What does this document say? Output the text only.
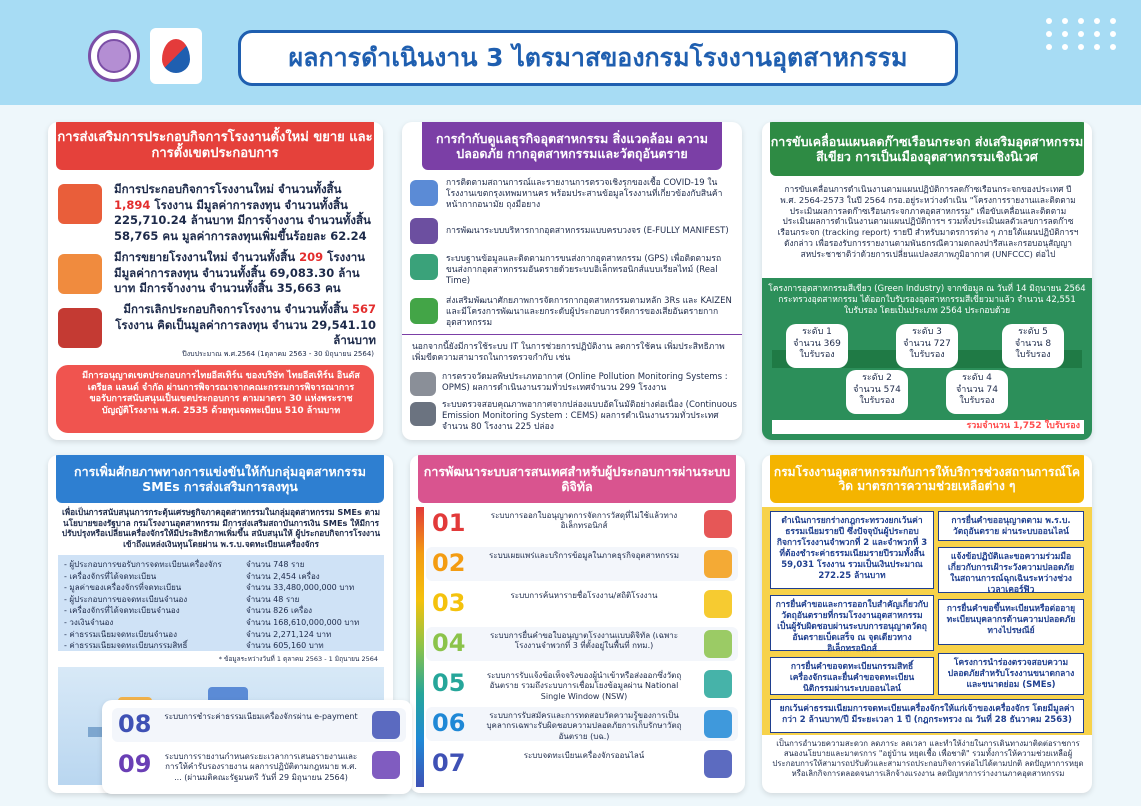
ผลการดำเนินงาน 3 ไตรมาสของกรมโรงงานอุตสาหกรรม
การส่งเสริมการประกอบกิจการโรงงานตั้งใหม่ ขยาย และการตั้งเขตประกอบการ
มีการประกอบกิจการโรงงานใหม่ จำนวนทั้งสิ้น 1,894 โรงงาน มีมูลค่าการลงทุน จำนวนทั้งสิ้น 225,710.24 ล้านบาท มีการจ้างงาน จำนวนทั้งสิ้น 58,765 คน มูลค่าการลงทุนเพิ่มขึ้นร้อยละ 62.24
มีการขยายโรงงานใหม่ จำนวนทั้งสิ้น 209 โรงงาน มีมูลค่าการลงทุน จำนวนทั้งสิ้น 69,083.30 ล้านบาท มีการจ้างงาน จำนวนทั้งสิ้น 35,663 คน
มีการเลิกประกอบกิจการโรงงาน จำนวนทั้งสิ้น 567 โรงงาน คิดเป็นมูลค่าการลงทุน จำนวน 29,541.10 ล้านบาท
ปีงบประมาณ พ.ศ.2564 (1ตุลาคม 2563 - 30 มิถุนายน 2564)
มีการอนุญาตเขตประกอบการไทยอีสเทิร์น ของบริษัท ไทยอีสเทิร์น อินดัสเตรียล แลนด์ จำกัด ผ่านการพิจารณาจากคณะกรรมการพิจารณาการขอรับการสนับสนุนเป็นเขตประกอบการ ตามมาตรา 30 แห่งพระราชบัญญัติโรงงาน พ.ศ. 2535 ด้วยทุนจดทะเบียน 510 ล้านบาท
การกำกับดูแลธุรกิจอุตสาหกรรม สิ่งแวดล้อม ความปลอดภัย กากอุตสาหกรรมและวัตถุอันตราย
การติดตามสถานการณ์และรายงานการตรวจเชิงรุกของเชื้อ COVID-19 ในโรงงานเขตกรุงเทพมหานคร พร้อมประสานข้อมูลโรงงานที่เกี่ยวข้องกับสินค้าหน้ากากอนามัย ถุงมือยาง
การพัฒนาระบบบริหารกากอุตสาหกรรมแบบครบวงจร (E-FULLY MANIFEST)
ระบบฐานข้อมูลและติดตามการขนส่งกากอุตสาหกรรม (GPS) เพื่อติดตามรถขนส่งกากอุตสาหกรรมอันตรายด้วยระบบอิเล็กทรอนิกส์แบบเรียลไทม์ (Real Time)
ส่งเสริมพัฒนาศักยภาพการจัดการกากอุตสาหกรรมตามหลัก 3Rs และ KAIZEN และมีโครงการพัฒนาและยกระดับผู้ประกอบการจัดการของเสียอันตรายกากอุตสาหกรรม
นอกจากนี้ยังมีการใช้ระบบ IT ในการช่วยการปฏิบัติงาน ลดการใช้คน เพิ่มประสิทธิภาพ เพิ่มขีดความสามารถในการตรวจกำกับ เช่น
การตรวจวัดมลพิษประเภทอากาศ (Online Pollution Monitoring Systems : OPMS) ผลการดำเนินงานรวมทั่วประเทศจำนวน 299 โรงงาน
ระบบตรวจสอบคุณภาพอากาศจากปล่องแบบอัตโนมัติอย่างต่อเนื่อง (Continuous Emission Monitoring System : CEMS) ผลการดำเนินงานรวมทั่วประเทศ จำนวน 80 โรงงาน 225 ปล่อง
การขับเคลื่อนแผนลดก๊าซเรือนกระจก ส่งเสริมอุตสาหกรรมสีเขียว การเป็นเมืองอุตสาหกรรมเชิงนิเวศ
การขับเคลื่อนการดำเนินงานตามแผนปฏิบัติการลดก๊าซเรือนกระจกของประเทศ ปี พ.ศ. 2564-2573 ในปี 2564 กรอ.อยู่ระหว่างดำเนิน "โครงการรายงานและติดตามประเมินผลการลดก๊าซเรือนกระจกภาคอุตสาหกรรม" เพื่อขับเคลื่อนและติดตามประเมินผลการดำเนินงานตามแผนปฏิบัติการฯ รวมทั้งประเมินผลตัวเลขการลดก๊าซเรือนกระจก (tracking report) รายปี สำหรับมาตรการต่าง ๆ ภายใต้แผนปฏิบัติการฯ ดังกล่าว เพื่อรองรับการรายงานตามพันธกรณีความตกลงปารีสและกรอบอนุสัญญาสหประชาชาติว่าด้วยการเปลี่ยนแปลงสภาพภูมิอากาศ (UNFCCC) ต่อไป
โครงการอุตสาหกรรมสีเขียว (Green Industry) จากข้อมูล ณ วันที่ 14 มิถุนายน 2564 กระทรวงอุตสาหกรรม ได้ออกใบรับรองอุตสาหกรรมสีเขียวมาแล้ว จำนวน 42,551 ใบรับรอง โดยเป็นประเภท 2564 ประกอบด้วย
ระดับ 1
จำนวน 369
ใบรับรอง
ระดับ 2
จำนวน 574
ใบรับรอง
ระดับ 3
จำนวน 727
ใบรับรอง
ระดับ 4
จำนวน 74
ใบรับรอง
ระดับ 5
จำนวน 8
ใบรับรอง
รวมจำนวน 1,752 ใบรับรอง
การเพิ่มศักยภาพทางการแข่งขันให้กับกลุ่มอุตสาหกรรม SMEs การส่งเสริมการลงทุน
เพื่อเป็นการสนับสนุนการกระตุ้นเศรษฐกิจภาคอุตสาหกรรมในกลุ่มอุตสาหกรรม SMEs ตามนโยบายของรัฐบาล กรมโรงงานอุตสาหกรรม มีการส่งเสริมสถาบันการเงิน SMEs ให้มีการปรับปรุงหรือเปลี่ยนเครื่องจักรให้มีประสิทธิภาพเพิ่มขึ้น สนับสนุนให้ ผู้ประกอบกิจการโรงงานเข้าถึงแหล่งเงินทุนโดยผ่าน พ.ร.บ.จดทะเบียนเครื่องจักร
* ข้อมูลระหว่างวันที่ 1 ตุลาคม 2563 - 1 มิถุนายน 2564
การพัฒนาระบบสารสนเทศสำหรับผู้ประกอบการผ่านระบบดิจิทัล
กรมโรงงานอุตสาหกรรมกับการให้บริการช่วงสถานการณ์โควิด มาตรการความช่วยเหลือต่าง ๆ
ดำเนินการยกร่างกฎกระทรวงยกเว้นค่าธรรมเนียมรายปี ซึ่งปัจจุบันผู้ประกอบกิจการโรงงานจำพวกที่ 2 และจำพวกที่ 3 ที่ต้องชำระค่าธรรมเนียมรายปีรวมทั้งสิ้น 59,031 โรงงาน รวมเป็นเงินประมาณ 272.25 ล้านบาท
การยื่นคำขออนุญาตตาม พ.ร.บ. วัตถุอันตราย ผ่านระบบออนไลน์
แจ้งข้อปฏิบัติและขอความร่วมมือเกี่ยวกับการเฝ้าระวังความปลอดภัยในสถานการณ์ฉุกเฉินระหว่างช่วงเวลาเคอร์ฟิว
การยื่นคำขอและการออกใบสำคัญเกี่ยวกับวัตถุอันตรายที่กรมโรงงานอุตสาหกรรมเป็นผู้รับผิดชอบผ่านระบบการอนุญาตวัตถุอันตรายเบ็ดเสร็จ ณ จุดเดียวทางอิเล็กทรอนิกส์
การยื่นคำขอขึ้นทะเบียนหรือต่ออายุทะเบียนบุคลากรด้านความปลอดภัยทางไปรษณีย์
การยื่นคำขอจดทะเบียนกรรมสิทธิ์เครื่องจักรและยื่นคำขอจดทะเบียนนิติกรรมผ่านระบบออนไลน์
โครงการนำร่องตรวจสอบความปลอดภัยสำหรับโรงงานขนาดกลางและขนาดย่อม (SMEs)
ยกเว้นค่าธรรมเนียมการจดทะเบียนเครื่องจักรให้แก่เจ้าของเครื่องจักร โดยมีมูลค่ากว่า 2 ล้านบาท/ปี มีระยะเวลา 1 ปี (กฎกระทรวง ณ วันที่ 28 ธันวาคม 2563)
เป็นการอำนวยความสะดวก ลดภาระ ลดเวลา และทำให้ง่ายในการเดินทางมาติดต่อราชการ สนองนโยบายและมาตรการ "อยู่บ้าน หยุดเชื้อ เพื่อชาติ" รวมทั้งการให้ความช่วยเหลือผู้ประกอบการให้สามารถปรับตัวและสามารถประกอบกิจการต่อไปได้ตามปกติ ลดปัญหาการหยุด หรือเลิกกิจการตลอดจนการเลิกจ้างแรงงาน ลดปัญหาการว่างงานภาคอุตสาหกรรม
- ผู้ประกอบการขอรับการจดทะเบียนเครื่องจักร	จำนวน 748 ราย
- เครื่องจักรที่ได้จดทะเบียน	จำนวน 2,454 เครื่อง
- มูลค่าของเครื่องจักรที่จดทะเบียน	จำนวน 33,480,000,000 บาท
- ผู้ประกอบการขอจดทะเบียนจำนอง	จำนวน 48 ราย
- เครื่องจักรที่ได้จดทะเบียนจำนอง	จำนวน 826 เครื่อง
- วงเงินจำนอง	จำนวน 168,610,000,000 บาท
- ค่าธรรมเนียมจดทะเบียนจำนอง	จำนวน 2,271,124 บาท
- ค่าธรรมเนียมจดทะเบียนกรรมสิทธิ์	จำนวน 605,160 บาท
01	ระบบการออกใบอนุญาตการจัดการวัสดุที่ไม่ใช้แล้วทางอิเล็กทรอนิกส์
02	ระบบเผยแพร่และบริการข้อมูลในภาคธุรกิจอุตสาหกรรม
03	ระบบการค้นหารายชื่อโรงงาน/สถิติโรงงาน
04	ระบบการยื่นคำขอใบอนุญาตโรงงานแบบดิจิทัล (เฉพาะโรงงานจำพวกที่ 3 ที่ตั้งอยู่ในพื้นที่ กทม.)
05	ระบบการรับแจ้งข้อเท็จจริงของผู้นำเข้าหรือส่งออกซึ่งวัตถุอันตราย รวมถึงระบบการเชื่อมโยงข้อมูลผ่าน National Single Window (NSW)
06	ระบบการรับสมัครและการทดสอบวัดความรู้ของการเป็นบุคลากรเฉพาะรับผิดชอบความปลอดภัยการเก็บรักษาวัตถุอันตราย (บฉ.)
07	ระบบจดทะเบียนเครื่องจักรออนไลน์
08 ระบบการชำระค่าธรรมเนียมเครื่องจักรผ่าน e-payment
09 ระบบการรายงานกำหนดระยะเวลาการเสนอรายงานและการให้คำรับรองรายงาน ผลการปฏิบัติตามกฎหมาย พ.ศ. ... (ผ่านมติคณะรัฐมนตรี วันที่ 29 มิถุนายน 2564)
